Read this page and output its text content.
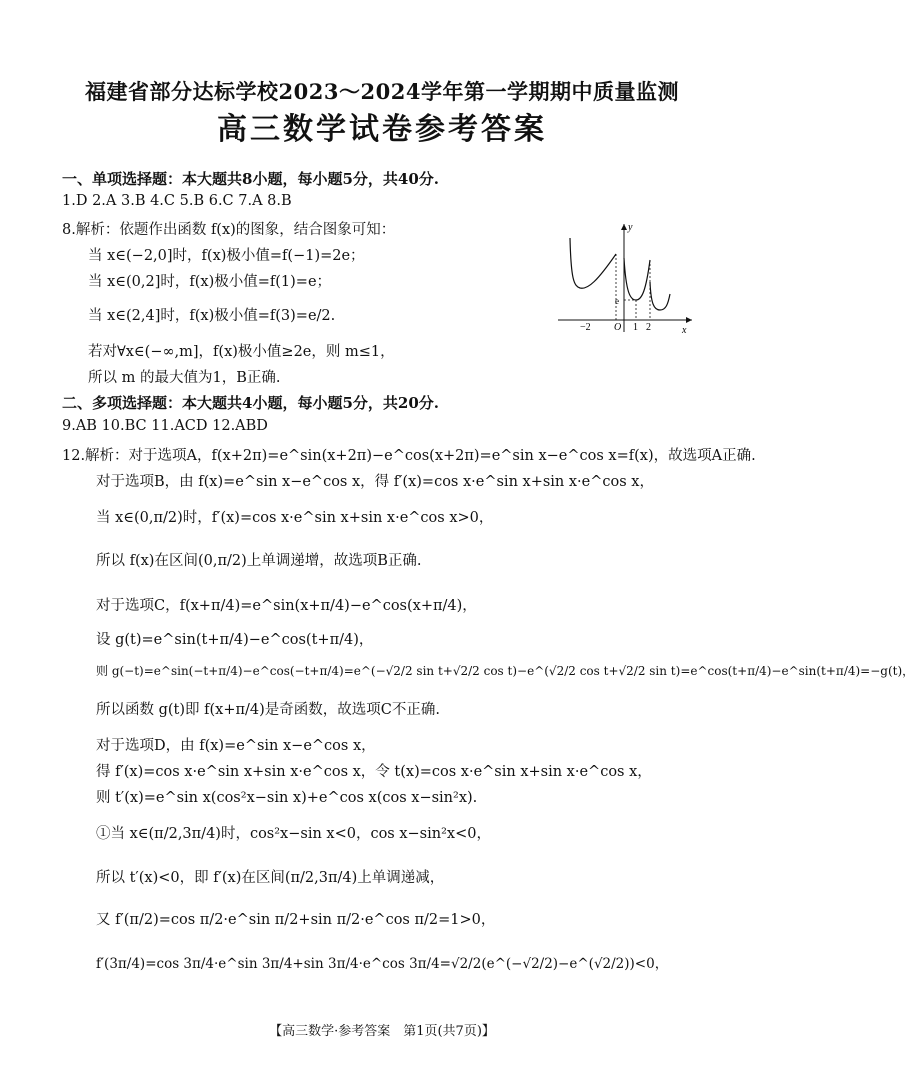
福建省部分达标学校2023～2024学年第一学期期中质量监测
高三数学试卷参考答案
一、单项选择题：本大题共8小题，每小题5分，共40分.
1.D 2.A 3.B 4.C 5.B 6.C 7.A 8.B
8.解析：依题作出函数 f(x)的图象，结合图象可知：
当 x∈(−2,0]时，f(x)极小值=f(−1)=2e；
当 x∈(0,2]时，f(x)极小值=f(1)=e；
当 x∈(2,4]时，f(x)极小值=f(3)=e/2.
若对∀x∈(−∞,m]，f(x)极小值≥2e，则 m≤1，
所以 m 的最大值为1，B正确.
y
x
O
e
−2	1 2
二、多项选择题：本大题共4小题，每小题5分，共20分.
9.AB 10.BC 11.ACD 12.ABD
12.解析：对于选项A，f(x+2π)=e^sin(x+2π)−e^cos(x+2π)=e^sin x−e^cos x=f(x)，故选项A正确.
对于选项B，由 f(x)=e^sin x−e^cos x，得 f′(x)=cos x·e^sin x+sin x·e^cos x，
当 x∈(0,π/2)时，f′(x)=cos x·e^sin x+sin x·e^cos x>0，
所以 f(x)在区间(0,π/2)上单调递增，故选项B正确.
对于选项C，f(x+π/4)=e^sin(x+π/4)−e^cos(x+π/4)，
设 g(t)=e^sin(t+π/4)−e^cos(t+π/4)，
则 g(−t)=e^sin(−t+π/4)−e^cos(−t+π/4)=e^(−√2/2 sin t+√2/2 cos t)−e^(√2/2 cos t+√2/2 sin t)=e^cos(t+π/4)−e^sin(t+π/4)=−g(t)，
所以函数 g(t)即 f(x+π/4)是奇函数，故选项C不正确.
对于选项D，由 f(x)=e^sin x−e^cos x，
得 f′(x)=cos x·e^sin x+sin x·e^cos x，令 t(x)=cos x·e^sin x+sin x·e^cos x，
则 t′(x)=e^sin x(cos²x−sin x)+e^cos x(cos x−sin²x).
①当 x∈(π/2,3π/4)时，cos²x−sin x<0，cos x−sin²x<0，
所以 t′(x)<0，即 f′(x)在区间(π/2,3π/4)上单调递减，
又 f′(π/2)=cos π/2·e^sin π/2+sin π/2·e^cos π/2=1>0，
f′(3π/4)=cos 3π/4·e^sin 3π/4+sin 3π/4·e^cos 3π/4=√2/2(e^(−√2/2)−e^(√2/2))<0，
【高三数学·参考答案　第1页(共7页)】
